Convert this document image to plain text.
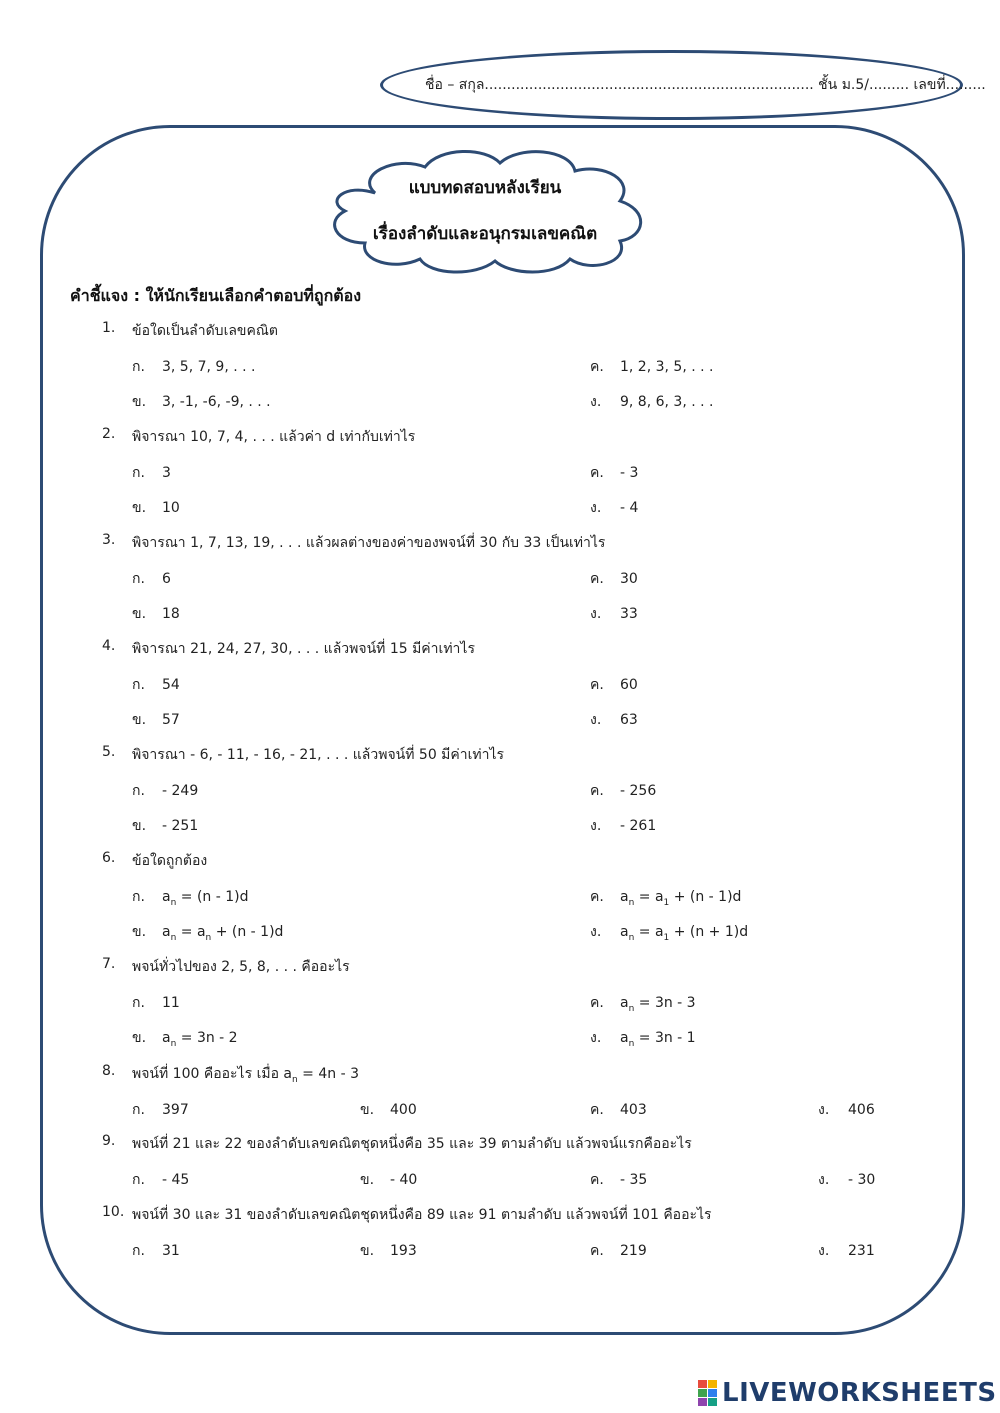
ชื่อ – สกุล.......................................................................... ชั้น ม.5/......... เลขที่.........
แบบทดสอบหลังเรียน
เรื่องลำดับและอนุกรมเลขคณิต
คำชี้แจง : ให้นักเรียนเลือกคำตอบที่ถูกต้อง
1. ข้อใดเป็นลำดับเลขคณิต
ก. 3, 5, 7, 9, . . .	ค. 1, 2, 3, 5, . . .
ข. 3, -1, -6, -9, . . .	ง. 9, 8, 6, 3, . . .
2. พิจารณา 10, 7, 4, . . . แล้วค่า d เท่ากับเท่าไร
ก. 3	ค. - 3
ข. 10	ง. - 4
3. พิจารณา 1, 7, 13, 19, . . . แล้วผลต่างของค่าของพจน์ที่ 30 กับ 33 เป็นเท่าไร
ก. 6	ค. 30
ข. 18	ง. 33
4. พิจารณา 21, 24, 27, 30, . . . แล้วพจน์ที่ 15 มีค่าเท่าไร
ก. 54	ค. 60
ข. 57	ง. 63
5. พิจารณา - 6, - 11, - 16, - 21, . . . แล้วพจน์ที่ 50 มีค่าเท่าไร
ก. - 249	ค. - 256
ข. - 251	ง. - 261
6. ข้อใดถูกต้อง
ก. $a_n = (n - 1)d$	ค. $a_n = a_1 + (n - 1)d$
ข. $a_n = a_n + (n - 1)d$	ง. $a_n = a_1 + (n + 1)d$
7. พจน์ทั่วไปของ 2, 5, 8, . . . คืออะไร
ก. 11	ค. $a_n = 3n - 3$
ข. $a_n = 3n - 2$	ง. $a_n = 3n - 1$
8. พจน์ที่ 100 คืออะไร เมื่อ $a_n = 4n - 3$
ก. 397	ข. 400	ค. 403	ง. 406
9. พจน์ที่ 21 และ 22 ของลำดับเลขคณิตชุดหนึ่งคือ 35 และ 39 ตามลำดับ แล้วพจน์แรกคืออะไร
ก. - 45	ข. - 40	ค. - 35	ง. - 30
10. พจน์ที่ 30 และ 31 ของลำดับเลขคณิตชุดหนึ่งคือ 89 และ 91 ตามลำดับ แล้วพจน์ที่ 101 คืออะไร
ก. 31	ข. 193	ค. 219	ง. 231
LIVEWORKSHEETS
